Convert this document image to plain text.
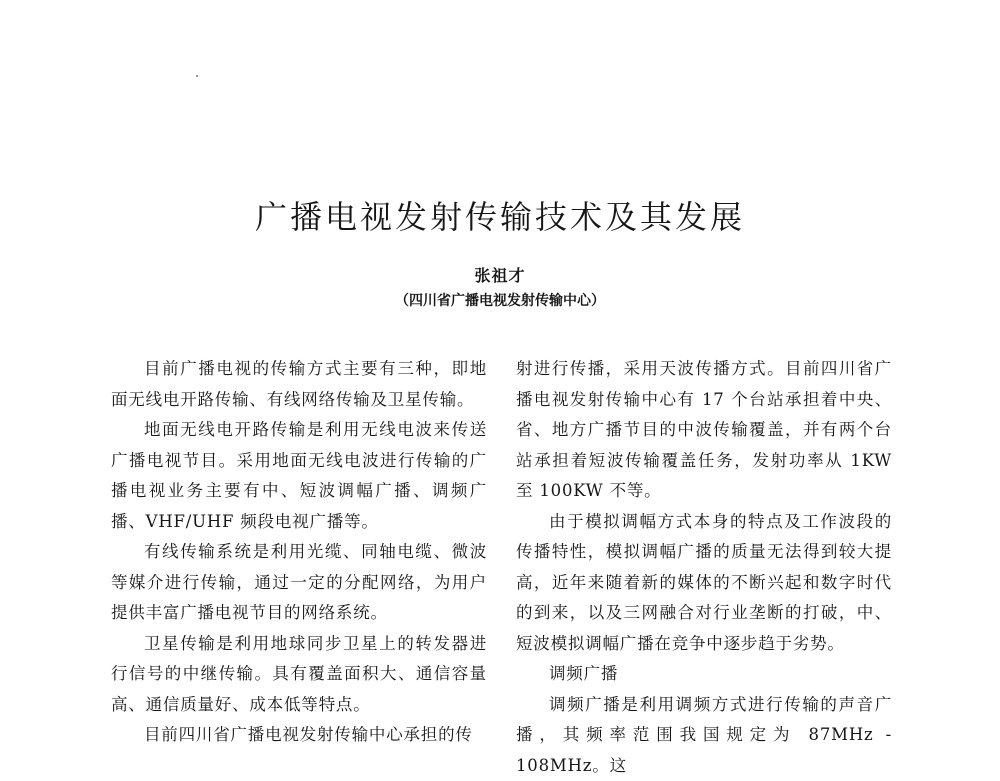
广播电视发射传输技术及其发展
张祖才
（四川省广播电视发射传输中心）

目前广播电视的传输方式主要有三种，即地面无线电开路传输、有线网络传输及卫星传输。

地面无线电开路传输是利用无线电波来传送广播电视节目。采用地面无线电波进行传输的广播电视业务主要有中、短波调幅广播、调频广播、VHF/UHF 频段电视广播等。

有线传输系统是利用光缆、同轴电缆、微波等媒介进行传输，通过一定的分配网络，为用户提供丰富广播电视节目的网络系统。

卫星传输是利用地球同步卫星上的转发器进行信号的中继传输。具有覆盖面积大、通信容量高、通信质量好、成本低等特点。

目前四川省广播电视发射传输中心承担的传

射进行传播，采用天波传播方式。目前四川省广播电视发射传输中心有 17 个台站承担着中央、省、地方广播节目的中波传输覆盖，并有两个台站承担着短波传输覆盖任务，发射功率从 1KW 至 100KW 不等。

由于模拟调幅方式本身的特点及工作波段的传播特性，模拟调幅广播的质量无法得到较大提高，近年来随着新的媒体的不断兴起和数字时代的到来，以及三网融合对行业垄断的打破，中、短波模拟调幅广播在竞争中逐步趋于劣势。

调频广播

调频广播是利用调频方式进行传输的声音广播，其频率范围我国规定为 87MHz - 108MHz。这
